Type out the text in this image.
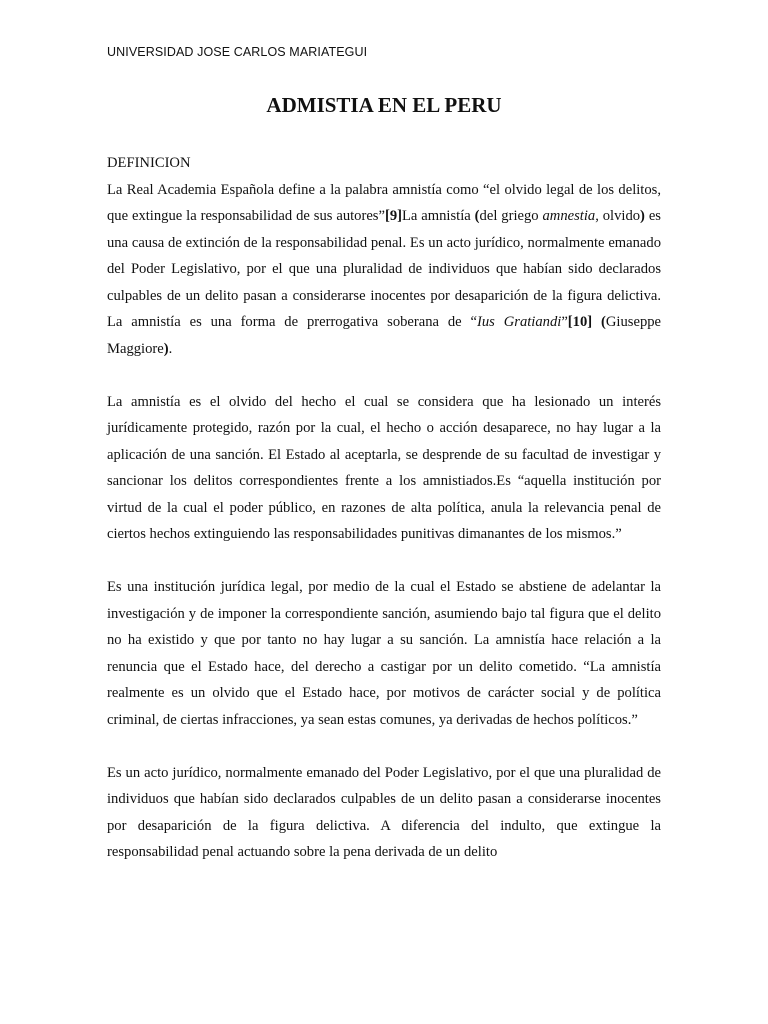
UNIVERSIDAD JOSE CARLOS MARIATEGUI
ADMISTIA EN EL PERU
DEFINICION

La Real Academia Española define a la palabra amnistía como “el olvido legal de los delitos, que extingue la responsabilidad de sus autores”[9]La amnistía (del griego amnestia, olvido) es una causa de extinción de la responsabilidad penal. Es un acto jurídico, normalmente emanado del Poder Legislativo, por el que una pluralidad de individuos que habían sido declarados culpables de un delito pasan a considerarse inocentes por desaparición de la figura delictiva. La amnistía es una forma de prerrogativa soberana de “Ius Gratiandi”[10] (Giuseppe Maggiore).

La amnistía es el olvido del hecho el cual se considera que ha lesionado un interés jurídicamente protegido, razón por la cual, el hecho o acción desaparece, no hay lugar a la aplicación de una sanción. El Estado al aceptarla, se desprende de su facultad de investigar y sancionar los delitos correspondientes frente a los amnistiados.Es “aquella institución por virtud de la cual el poder público, en razones de alta política, anula la relevancia penal de ciertos hechos extinguiendo las responsabilidades punitivas dimanantes de los mismos.”

Es una institución jurídica legal, por medio de la cual el Estado se abstiene de adelantar la investigación y de imponer la correspondiente sanción, asumiendo bajo tal figura que el delito no ha existido y que por tanto no hay lugar a su sanción. La amnistía hace relación a la renuncia que el Estado hace, del derecho a castigar por un delito cometido. “La amnistía realmente es un olvido que el Estado hace, por motivos de carácter social y de política criminal, de ciertas infracciones, ya sean estas comunes, ya derivadas de hechos políticos.”

Es un acto jurídico, normalmente emanado del Poder Legislativo, por el que una pluralidad de individuos que habían sido declarados culpables de un delito pasan a considerarse inocentes por desaparición de la figura delictiva. A diferencia del indulto, que extingue la responsabilidad penal actuando sobre la pena derivada de un delito
